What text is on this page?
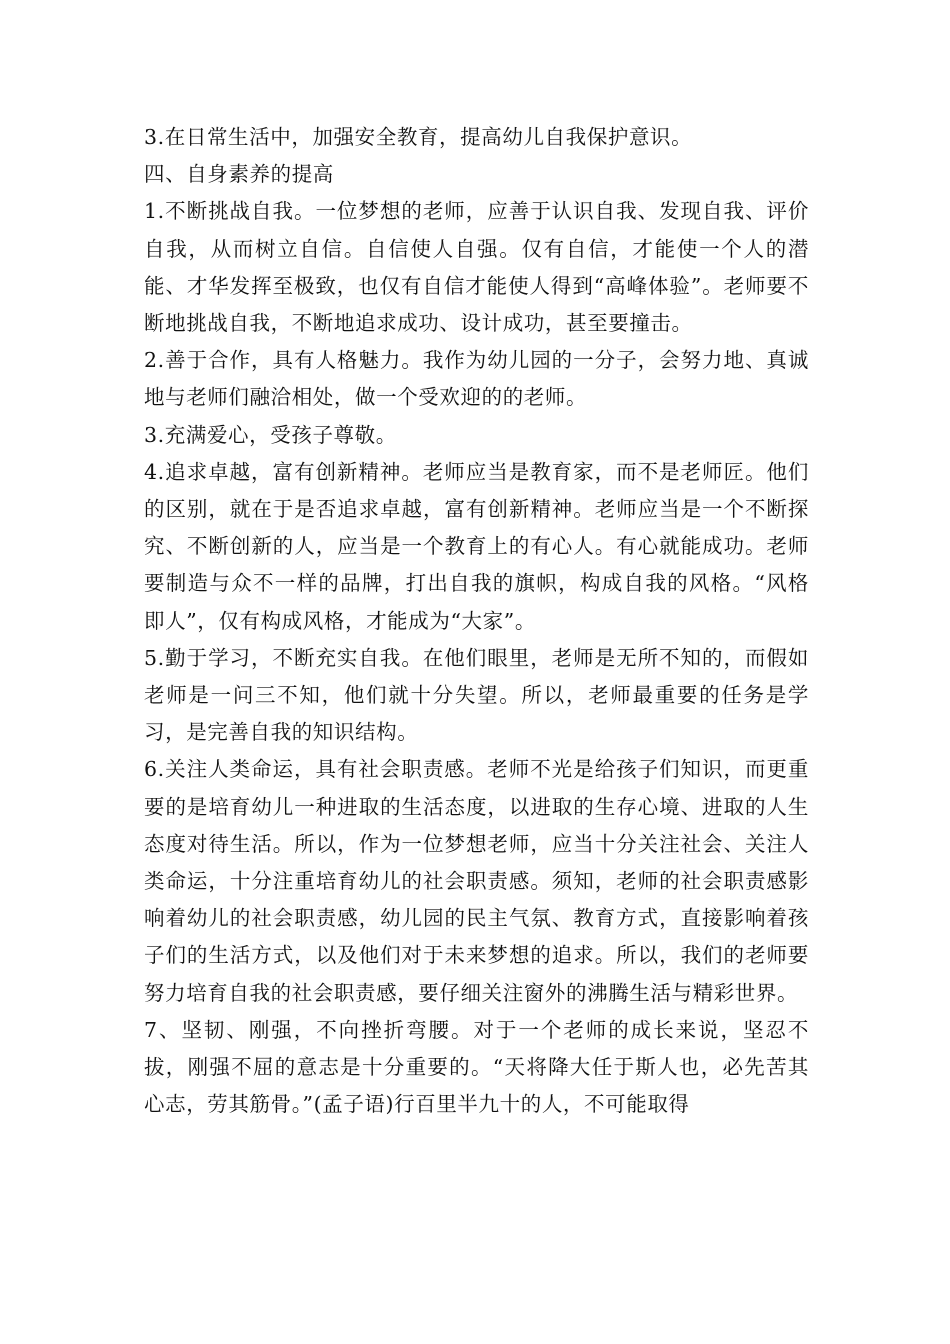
3.在日常生活中，加强安全教育，提高幼儿自我保护意识。

四、自身素养的提高

1.不断挑战自我。一位梦想的老师，应善于认识自我、发现自我、评价自我，从而树立自信。自信使人自强。仅有自信，才能使一个人的潜能、才华发挥至极致，也仅有自信才能使人得到“高峰体验”。老师要不断地挑战自我，不断地追求成功、设计成功，甚至要撞击。

2.善于合作，具有人格魅力。我作为幼儿园的一分子，会努力地、真诚地与老师们融洽相处，做一个受欢迎的的老师。

3.充满爱心，受孩子尊敬。

4.追求卓越，富有创新精神。老师应当是教育家，而不是老师匠。他们的区别，就在于是否追求卓越，富有创新精神。老师应当是一个不断探究、不断创新的人，应当是一个教育上的有心人。有心就能成功。老师要制造与众不一样的品牌，打出自我的旗帜，构成自我的风格。“风格即人”，仅有构成风格，才能成为“大家”。

5.勤于学习，不断充实自我。在他们眼里，老师是无所不知的，而假如老师是一问三不知，他们就十分失望。所以，老师最重要的任务是学习，是完善自我的知识结构。

6.关注人类命运，具有社会职责感。老师不光是给孩子们知识，而更重要的是培育幼儿一种进取的生活态度，以进取的生存心境、进取的人生态度对待生活。所以，作为一位梦想老师，应当十分关注社会、关注人类命运，十分注重培育幼儿的社会职责感。须知，老师的社会职责感影响着幼儿的社会职责感，幼儿园的民主气氛、教育方式，直接影响着孩子们的生活方式，以及他们对于未来梦想的追求。所以，我们的老师要努力培育自我的社会职责感，要仔细关注窗外的沸腾生活与精彩世界。

7、坚韧、刚强，不向挫折弯腰。对于一个老师的成长来说，坚忍不拔，刚强不屈的意志是十分重要的。“天将降大任于斯人也，必先苦其心志，劳其筋骨。”(孟子语)行百里半九十的人，不可能取得
